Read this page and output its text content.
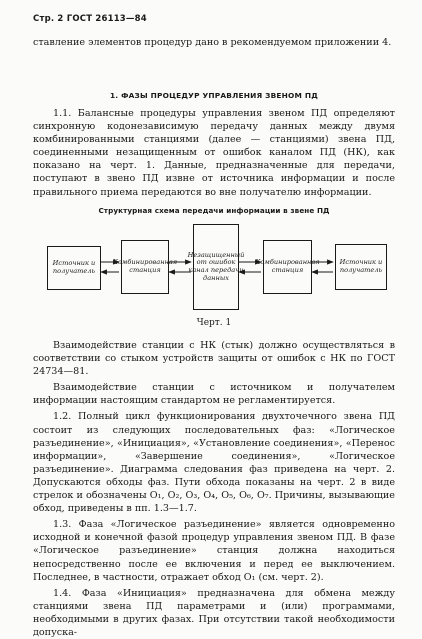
Стр. 2 ГОСТ 26113—84

ставление элементов процедур дано в рекомендуемом приложении 4.

1. ФАЗЫ ПРОЦЕДУР УПРАВЛЕНИЯ ЗВЕНОМ ПД

1.1. Балансные процедуры управления звеном ПД определяют синхронную кодонезависимую передачу данных между двумя комбинированными станциями (далее — станциями) звена ПД, соединенными незащищенным от ошибок каналом ПД (НК), как показано на черт. 1. Данные, предназначенные для передачи, поступают в звено ПД извне от источника информации и после правильного приема передаются во вне получателю информации.

Структурная схема передачи информации в звене ПД
Источник и получатель
Комбинированная станция
Незащищенный от ошибок канал передачи данных
Комбинированная станция
Источник и получатель
Черт. 1

Взаимодействие станции с НК (стык) должно осуществляться в соответствии со стыком устройств защиты от ошибок с НК по ГОСТ 24734—81.

Взаимодействие станции с источником и получателем информации настоящим стандартом не регламентируется.

1.2. Полный цикл функционирования двухточечного звена ПД состоит из следующих последовательных фаз: «Логическое разъединение», «Инициация», «Установление соединения», «Перенос информации», «Завершение соединения», «Логическое разъединение». Диаграмма следования фаз приведена на черт. 2. Допускаются обходы фаз. Пути обхода показаны на черт. 2 в виде стрелок и обозначены О₁, О₂, О₃, О₄, О₅, О₆, О₇. Причины, вызывающие обход, приведены в пп. 1.3—1.7.

1.3. Фаза «Логическое разъединение» является одновременно исходной и конечной фазой процедур управления звеном ПД. В фазе «Логическое разъединение» станция должна находиться непосредственно после ее включения и перед ее выключением. Последнее, в частности, отражает обход О₁ (см. черт. 2).

1.4. Фаза «Инициация» предназначена для обмена между станциями звена ПД параметрами и (или) программами, необходимыми в других фазах. При отсутствии такой необходимости допуска-
